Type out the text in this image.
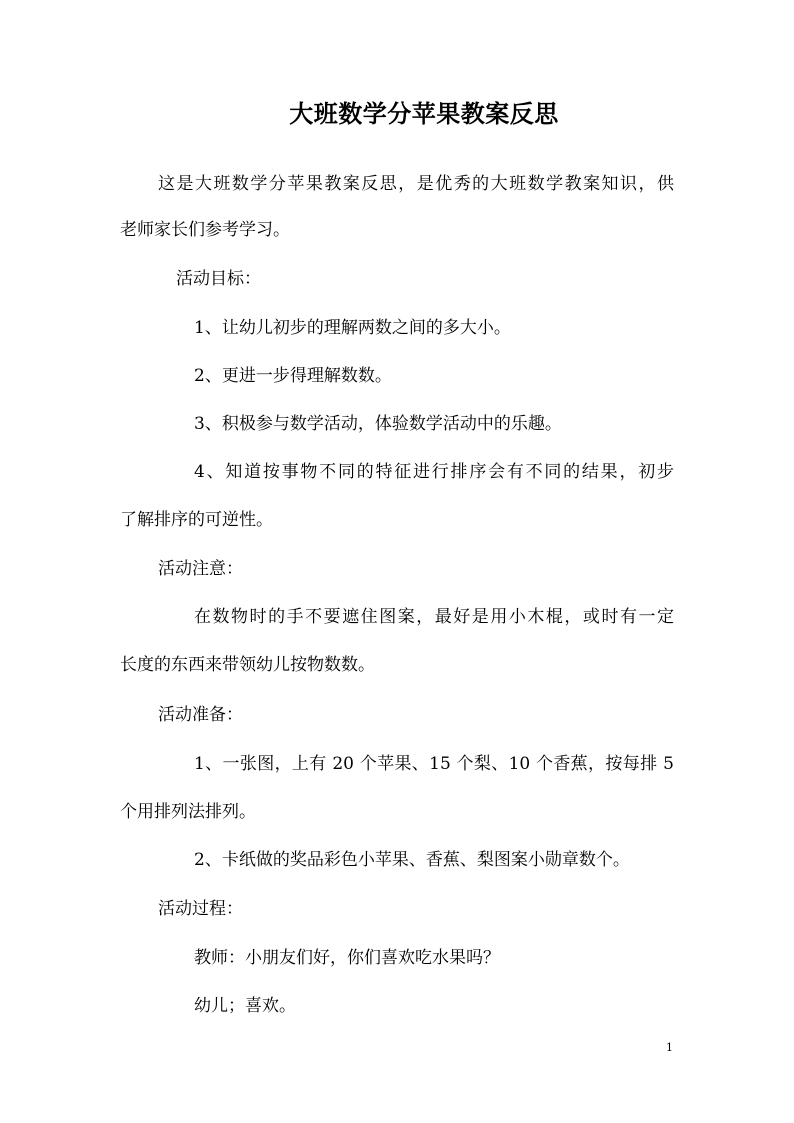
大班数学分苹果教案反思
这是大班数学分苹果教案反思，是优秀的大班数学教案知识，供
老师家长们参考学习。
活动目标：
1、让幼儿初步的理解两数之间的多大小。
2、更进一步得理解数数。
3、积极参与数学活动，体验数学活动中的乐趣。
4、知道按事物不同的特征进行排序会有不同的结果，初步
了解排序的可逆性。
活动注意：
在数物时的手不要遮住图案，最好是用小木棍，或时有一定
长度的东西来带领幼儿按物数数。
活动准备：
1、一张图，上有 20 个苹果、15 个梨、10 个香蕉，按每排 5
个用排列法排列。
2、卡纸做的奖品彩色小苹果、香蕉、梨图案小勋章数个。
活动过程：
教师：小朋友们好，你们喜欢吃水果吗？
幼儿；喜欢。
1
